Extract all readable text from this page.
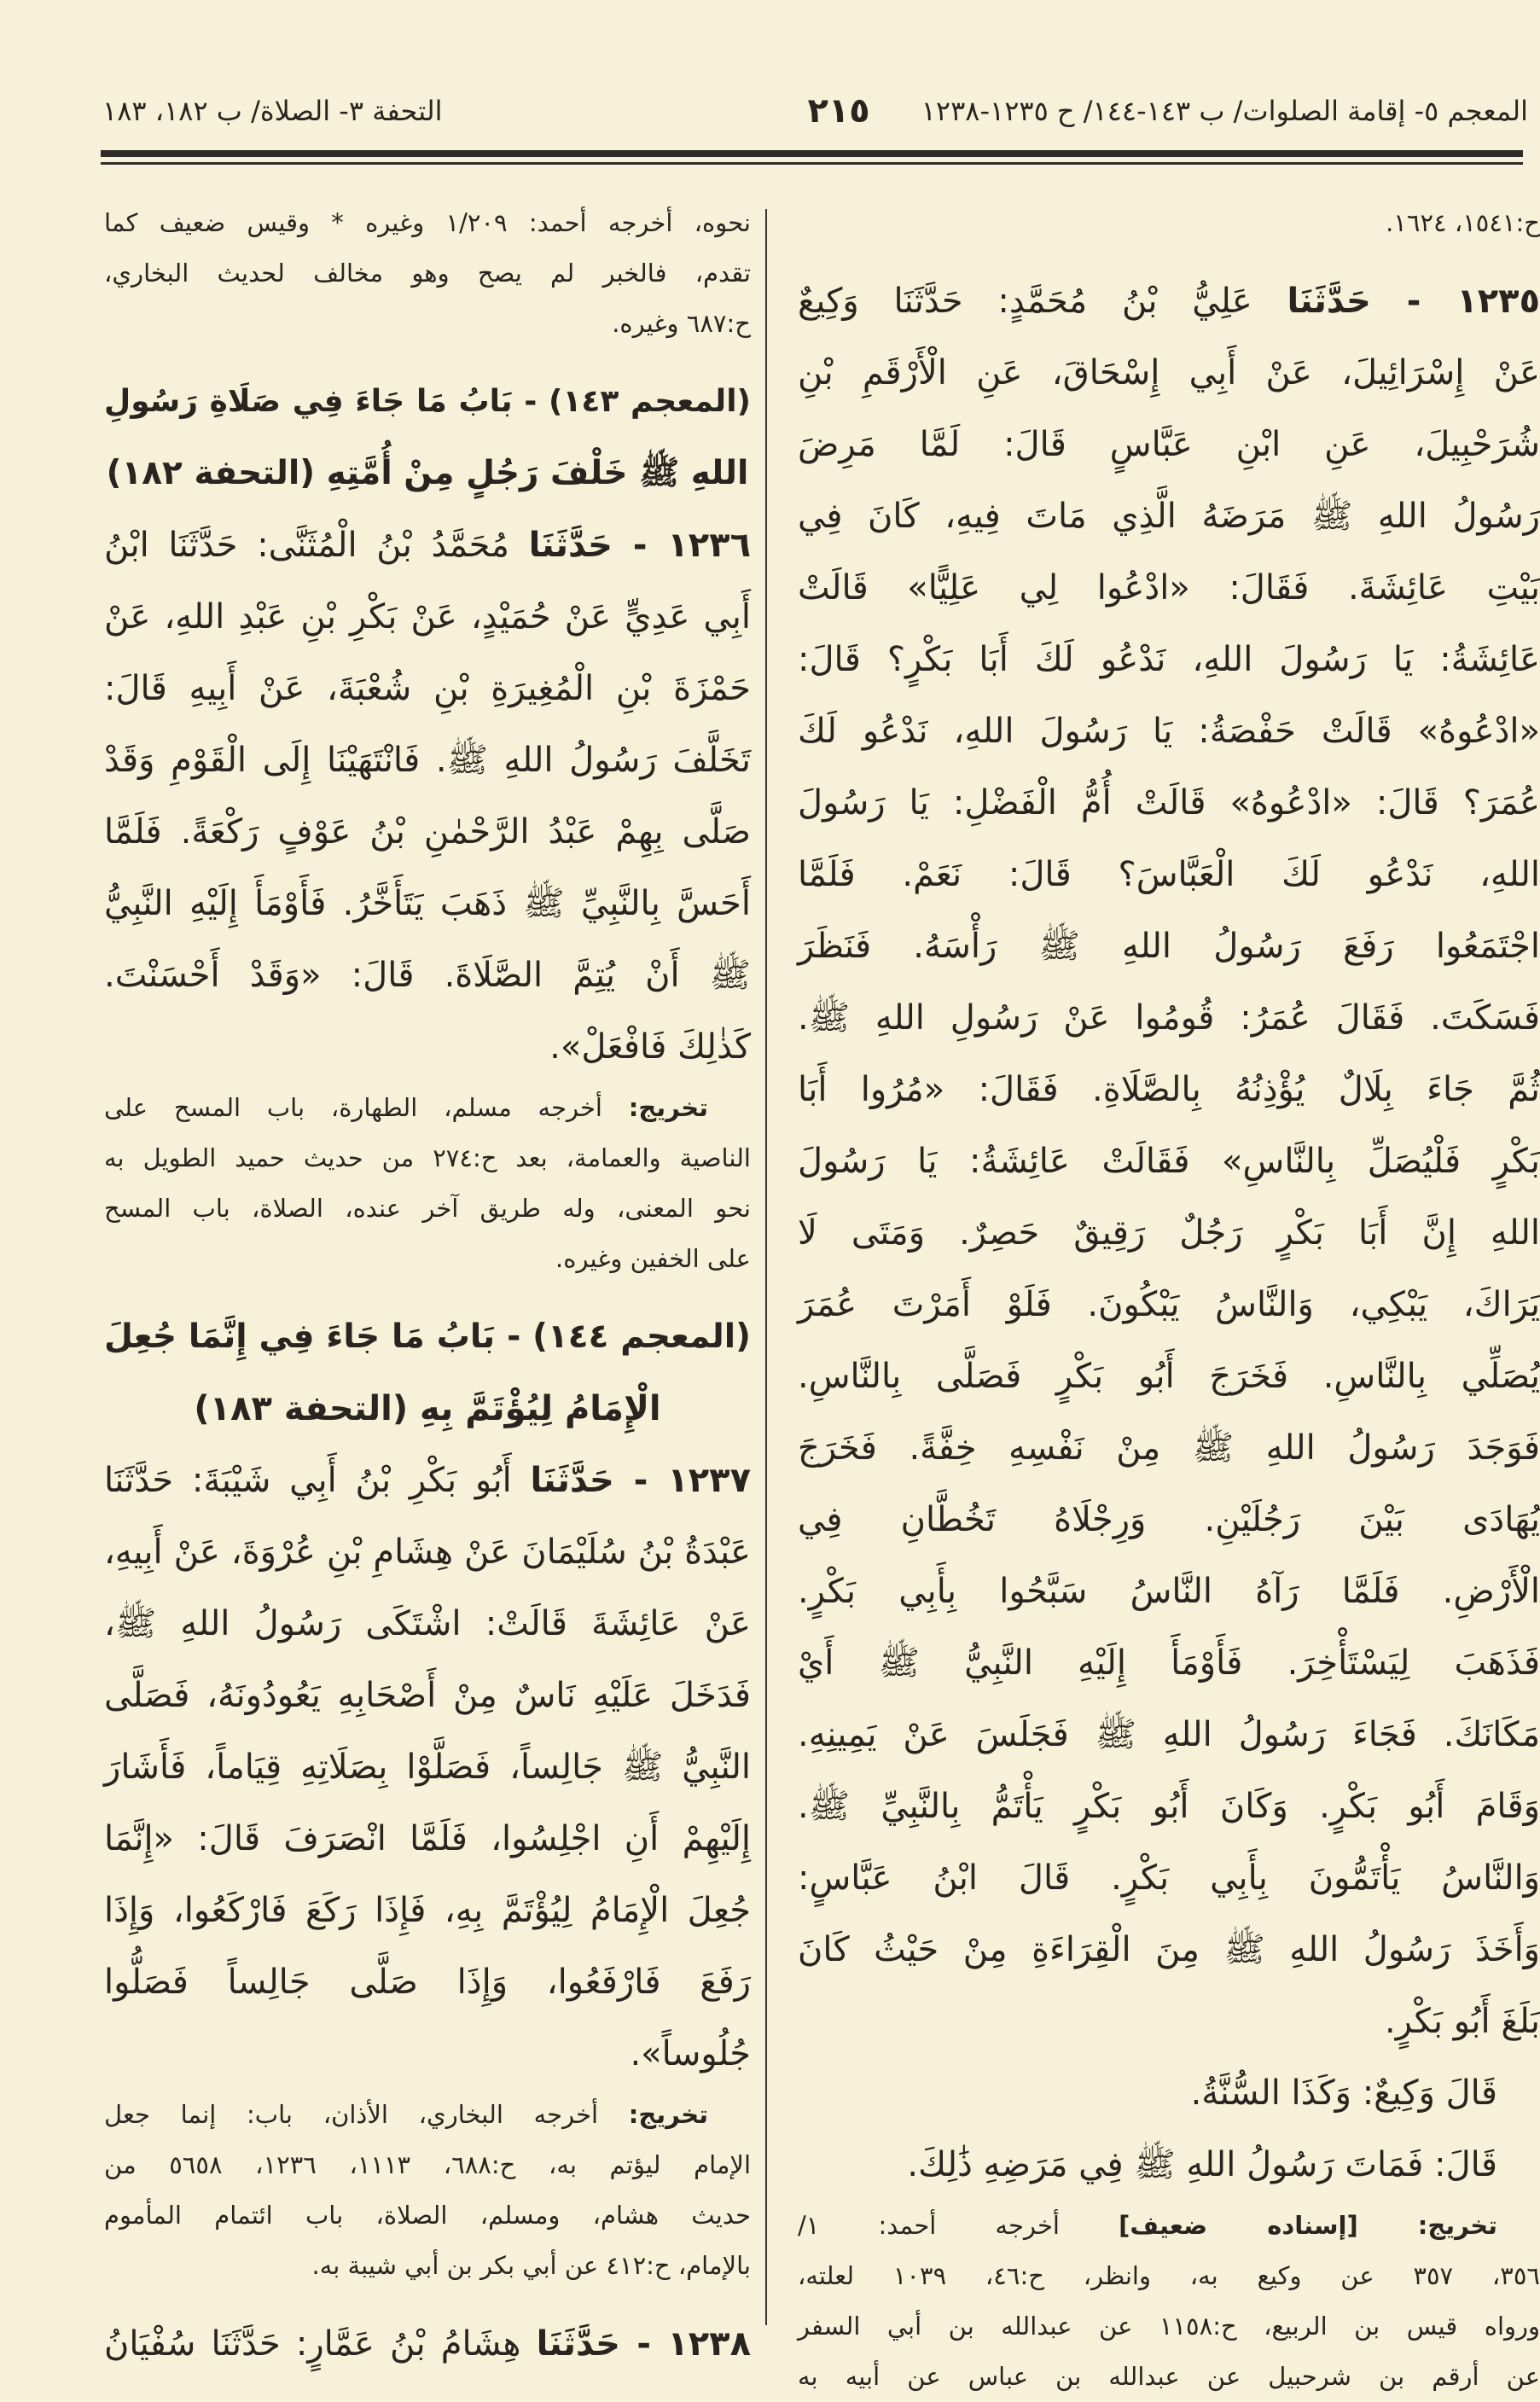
المعجم ٥- إقامة الصلوات/ ب ١٤٣-١٤٤/ ح ١٢٣٥-١٢٣٨
٢١٥
التحفة ٣- الصلاة/ ب ١٨٢، ١٨٣
ح:١٥٤١، ١٦٢٤.
١٢٣٥ - حَدَّثَنَا عَلِيُّ بْنُ مُحَمَّدٍ: حَدَّثَنَا وَكِيعٌ
عَنْ إِسْرَائِيلَ، عَنْ أَبِي إِسْحَاقَ، عَنِ الْأَرْقَمِ بْنِ
شُرَحْبِيلَ، عَنِ ابْنِ عَبَّاسٍ قَالَ: لَمَّا مَرِضَ
رَسُولُ اللهِ ﷺ مَرَضَهُ الَّذِي مَاتَ فِيهِ، كَانَ فِي
بَيْتِ عَائِشَةَ. فَقَالَ: «ادْعُوا لِي عَلِيًّا» قَالَتْ
عَائِشَةُ: يَا رَسُولَ اللهِ، نَدْعُو لَكَ أَبَا بَكْرٍ؟ قَالَ:
«ادْعُوهُ» قَالَتْ حَفْصَةُ: يَا رَسُولَ اللهِ، نَدْعُو لَكَ
عُمَرَ؟ قَالَ: «ادْعُوهُ» قَالَتْ أُمُّ الْفَضْلِ: يَا رَسُولَ
اللهِ، نَدْعُو لَكَ الْعَبَّاسَ؟ قَالَ: نَعَمْ. فَلَمَّا
اجْتَمَعُوا رَفَعَ رَسُولُ اللهِ ﷺ رَأْسَهُ. فَنَظَرَ
فَسَكَتَ. فَقَالَ عُمَرُ: قُومُوا عَنْ رَسُولِ اللهِ ﷺ.
ثُمَّ جَاءَ بِلَالٌ يُؤْذِنُهُ بِالصَّلَاةِ. فَقَالَ: «مُرُوا أَبَا
بَكْرٍ فَلْيُصَلِّ بِالنَّاسِ» فَقَالَتْ عَائِشَةُ: يَا رَسُولَ
اللهِ إِنَّ أَبَا بَكْرٍ رَجُلٌ رَقِيقٌ حَصِرٌ. وَمَتَى لَا
يَرَاكَ، يَبْكِي، وَالنَّاسُ يَبْكُونَ. فَلَوْ أَمَرْتَ عُمَرَ
يُصَلِّي بِالنَّاسِ. فَخَرَجَ أَبُو بَكْرٍ فَصَلَّى بِالنَّاسِ.
فَوَجَدَ رَسُولُ اللهِ ﷺ مِنْ نَفْسِهِ خِفَّةً. فَخَرَجَ
يُهَادَى بَيْنَ رَجُلَيْنِ. وَرِجْلَاهُ تَخُطَّانِ فِي
الْأَرْضِ. فَلَمَّا رَآهُ النَّاسُ سَبَّحُوا بِأَبِي بَكْرٍ.
فَذَهَبَ لِيَسْتَأْخِرَ. فَأَوْمَأَ إِلَيْهِ النَّبِيُّ ﷺ أَيْ
مَكَانَكَ. فَجَاءَ رَسُولُ اللهِ ﷺ فَجَلَسَ عَنْ يَمِينِهِ.
وَقَامَ أَبُو بَكْرٍ. وَكَانَ أَبُو بَكْرٍ يَأْتَمُّ بِالنَّبِيِّ ﷺ.
وَالنَّاسُ يَأْتَمُّونَ بِأَبِي بَكْرٍ. قَالَ ابْنُ عَبَّاسٍ:
وَأَخَذَ رَسُولُ اللهِ ﷺ مِنَ الْقِرَاءَةِ مِنْ حَيْثُ كَانَ
بَلَغَ أَبُو بَكْرٍ.
قَالَ وَكِيعٌ: وَكَذَا السُّنَّةُ.
قَالَ: فَمَاتَ رَسُولُ اللهِ ﷺ فِي مَرَضِهِ ذَٰلِكَ.
تخريج: [إسناده ضعيف] أخرجه أحمد: ١/
٣٥٦، ٣٥٧ عن وكيع به، وانظر، ح:٤٦، ١٠٣٩ لعلته،
ورواه قيس بن الربيع، ح:١١٥٨ عن عبدالله بن أبي السفر
عن أرقم بن شرحبيل عن عبدالله بن عباس عن أبيه به
نحوه، أخرجه أحمد: ١/٢٠٩ وغيره * وقيس ضعيف كما
تقدم، فالخبر لم يصح وهو مخالف لحديث البخاري،
ح:٦٨٧ وغيره.
(المعجم ١٤٣) - بَابُ مَا جَاءَ فِي صَلَاةِ رَسُولِ
اللهِ ﷺ خَلْفَ رَجُلٍ مِنْ أُمَّتِهِ (التحفة ١٨٢)
١٢٣٦ - حَدَّثَنَا مُحَمَّدُ بْنُ الْمُثَنَّى: حَدَّثَنَا ابْنُ
أَبِي عَدِيٍّ عَنْ حُمَيْدٍ، عَنْ بَكْرِ بْنِ عَبْدِ اللهِ، عَنْ
حَمْزَةَ بْنِ الْمُغِيرَةِ بْنِ شُعْبَةَ، عَنْ أَبِيهِ قَالَ:
تَخَلَّفَ رَسُولُ اللهِ ﷺ. فَانْتَهَيْنَا إِلَى الْقَوْمِ وَقَدْ
صَلَّى بِهِمْ عَبْدُ الرَّحْمٰنِ بْنُ عَوْفٍ رَكْعَةً. فَلَمَّا
أَحَسَّ بِالنَّبِيِّ ﷺ ذَهَبَ يَتَأَخَّرُ. فَأَوْمَأَ إِلَيْهِ النَّبِيُّ
ﷺ أَنْ يُتِمَّ الصَّلَاةَ. قَالَ: «وَقَدْ أَحْسَنْتَ.
كَذٰلِكَ فَافْعَلْ».
تخريج: أخرجه مسلم، الطهارة، باب المسح على
الناصية والعمامة، بعد ح:٢٧٤ من حديث حميد الطويل به
نحو المعنى، وله طريق آخر عنده، الصلاة، باب المسح
على الخفين وغيره.
(المعجم ١٤٤) - بَابُ مَا جَاءَ فِي إِنَّمَا جُعِلَ
الْإِمَامُ لِيُؤْتَمَّ بِهِ (التحفة ١٨٣)
١٢٣٧ - حَدَّثَنَا أَبُو بَكْرِ بْنُ أَبِي شَيْبَةَ: حَدَّثَنَا
عَبْدَةُ بْنُ سُلَيْمَانَ عَنْ هِشَامِ بْنِ عُرْوَةَ، عَنْ أَبِيهِ،
عَنْ عَائِشَةَ قَالَتْ: اشْتَكَى رَسُولُ اللهِ ﷺ،
فَدَخَلَ عَلَيْهِ نَاسٌ مِنْ أَصْحَابِهِ يَعُودُونَهُ، فَصَلَّى
النَّبِيُّ ﷺ جَالِساً، فَصَلَّوْا بِصَلَاتِهِ قِيَاماً، فَأَشَارَ
إِلَيْهِمْ أَنِ اجْلِسُوا، فَلَمَّا انْصَرَفَ قَالَ: «إِنَّمَا
جُعِلَ الْإِمَامُ لِيُؤْتَمَّ بِهِ، فَإِذَا رَكَعَ فَارْكَعُوا، وَإِذَا
رَفَعَ فَارْفَعُوا، وَإِذَا صَلَّى جَالِساً فَصَلُّوا
جُلُوساً».
تخريج: أخرجه البخاري، الأذان، باب: إنما جعل
الإمام ليؤتم به، ح:٦٨٨، ١١١٣، ١٢٣٦، ٥٦٥٨ من
حديث هشام، ومسلم، الصلاة، باب ائتمام المأموم
بالإمام، ح:٤١٢ عن أبي بكر بن أبي شيبة به.
١٢٣٨ - حَدَّثَنَا هِشَامُ بْنُ عَمَّارٍ: حَدَّثَنَا سُفْيَانُ
